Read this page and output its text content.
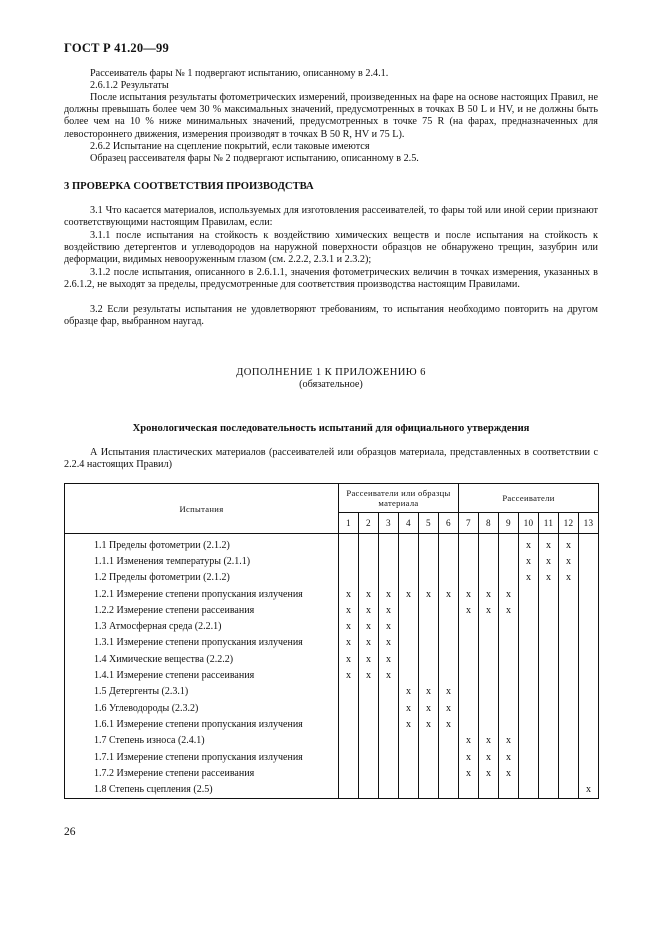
ГОСТ Р 41.20—99

Рассеиватель фары № 1 подвергают испытанию, описанному в 2.4.1.

2.6.1.2 Результаты

После испытания результаты фотометрических измерений, произведенных на фаре на основе настоящих Правил, не должны превышать более чем 30 % максимальных значений, предусмотренных в точках B 50 L и HV, и не должны быть более чем на 10 % ниже минимальных значений, предусмотренных в точке 75 R (на фарах, предназначенных для левостороннего движения, измерения производят в точках B 50 R, HV и 75 L).

2.6.2 Испытание на сцепление покрытий, если таковые имеются

Образец рассеивателя фары № 2 подвергают испытанию, описанному в 2.5.

3 ПРОВЕРКА СООТВЕТСТВИЯ ПРОИЗВОДСТВА

3.1 Что касается материалов, используемых для изготовления рассеивателей, то фары той или иной серии признают соответствующими настоящим Правилам, если:

3.1.1 после испытания на стойкость к воздействию химических веществ и после испытания на стойкость к воздействию детергентов и углеводородов на наружной поверхности образцов не обнаружено трещин, зазубрин или деформации, видимых невооруженным глазом (см. 2.2.2, 2.3.1 и 2.3.2);

3.1.2 после испытания, описанного в 2.6.1.1, значения фотометрических величин в точках измерения, указанных в 2.6.1.2, не выходят за пределы, предусмотренные для соответствия производства настоящим Правилами.

3.2 Если результаты испытания не удовлетворяют требованиям, то испытания необходимо повторить на другом образце фар, выбранном наугад.

ДОПОЛНЕНИЕ 1 К ПРИЛОЖЕНИЮ 6

(обязательное)

Хронологическая последовательность испытаний для официального утверждения

А Испытания пластических материалов (рассеивателей или образцов материала, представленных в соответствии с 2.2.4 настоящих Правил)

Испытания	Рассеиватели или образцы материала						Рассеиватели						
	1	2	3	4	5	6	7	8	9	10	11	12	13
1.1 Пределы фотометрии (2.1.2)										x	x	x	
1.1.1 Изменения температуры (2.1.1)										x	x	x	
1.2 Пределы фотометрии (2.1.2)										x	x	x	
1.2.1 Измерение степени пропускания излучения	x	x	x	x	x	x	x	x	x				
1.2.2 Измерение степени рассеивания	x	x	x				x	x	x				
1.3 Атмосферная среда (2.2.1)	x	x	x										
1.3.1 Измерение степени пропускания излучения	x	x	x										
1.4 Химические вещества (2.2.2)	x	x	x										
1.4.1 Измерение степени рассеивания	x	x	x										
1.5 Детергенты (2.3.1)				x	x	x							
1.6 Углеводороды (2.3.2)				x	x	x							
1.6.1 Измерение степени пропускания излучения				x	x	x							
1.7 Степень износа (2.4.1)							x	x	x				
1.7.1 Измерение степени пропускания излучения							x	x	x				
1.7.2 Измерение степени рассеивания							x	x	x				
1.8 Степень сцепления (2.5)													x
26
